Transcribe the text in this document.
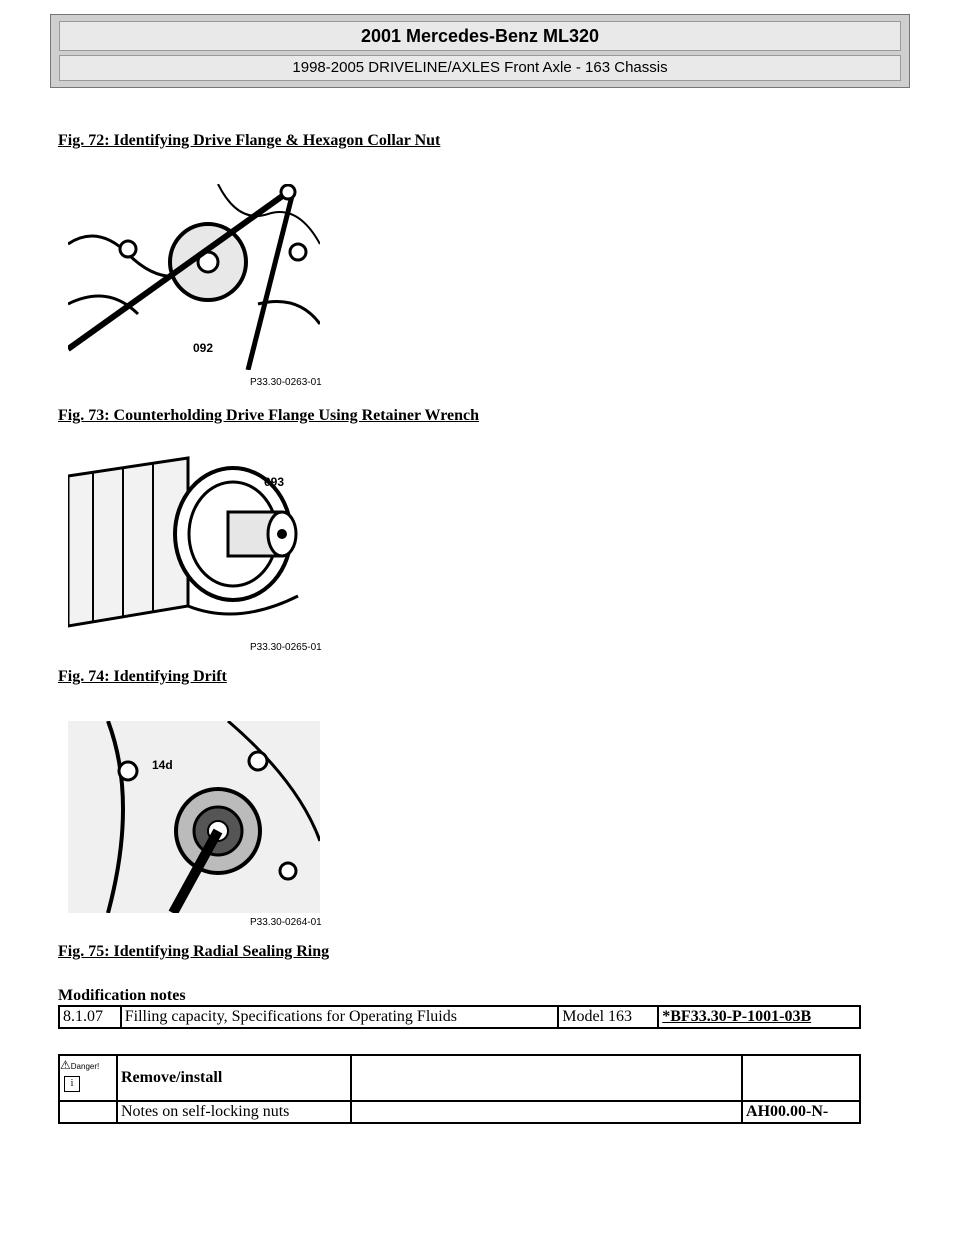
2001 Mercedes-Benz ML320
1998-2005 DRIVELINE/AXLES Front Axle - 163 Chassis
Fig. 72: Identifying Drive Flange & Hexagon Collar Nut
092
P33.30-0263-01
Fig. 73: Counterholding Drive Flange Using Retainer Wrench
093
P33.30-0265-01
Fig. 74: Identifying Drift
14d
P33.30-0264-01
Fig. 75: Identifying Radial Sealing Ring
Modification notes
8.1.07	Filling capacity, Specifications for Operating Fluids	Model 163	*BF33.30-P-1001-03B
⚠Danger!
i	Remove/install		
	Notes on self-locking nuts		AH00.00-N-
